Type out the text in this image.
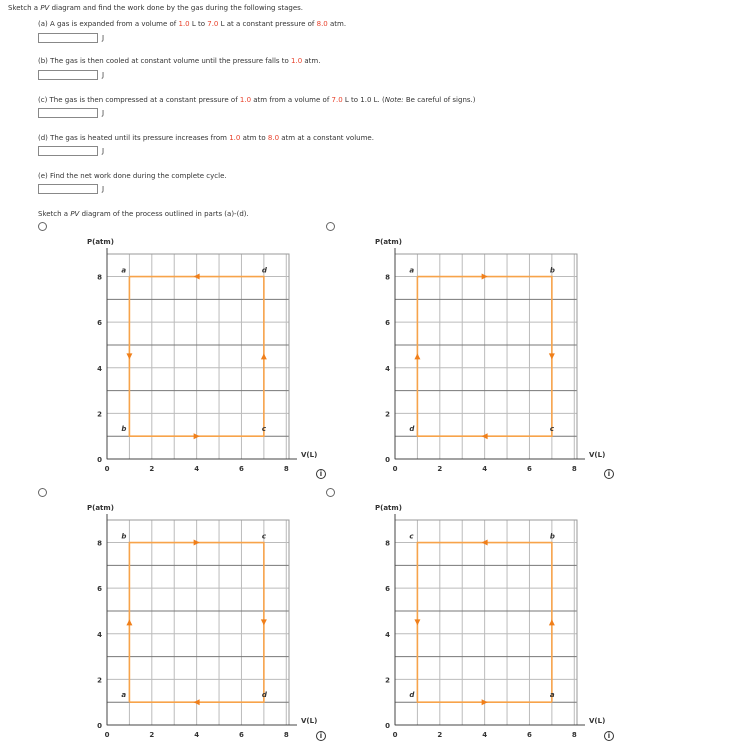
Sketch a PV diagram and find the work done by the gas during the following stages.
(a) A gas is expanded from a volume of 1.0 L to 7.0 L at a constant pressure of 8.0 atm.
J
(b) The gas is then cooled at constant volume until the pressure falls to 1.0 atm.
J
(c) The gas is then compressed at a constant pressure of 1.0 atm from a volume of 7.0 L to 1.0 L. (Note: Be careful of signs.)
J
(d) The gas is heated until its pressure increases from 1.0 atm to 8.0 atm at a constant volume.
J
(e) Find the net work done during the complete cycle.
J
Sketch a PV diagram of the process outlined in parts (a)-(d).
i	i
i	i
0	2	4	6	8
0
2
4
6
8
P(atm)
V(L)
a
b	c
d
0	2	4	6	8
0
2
4
6
8
P(atm)
V(L)
a	b
c
d
0	2	4	6	8
0
2
4
6
8
P(atm)
V(L)
b	c
a	d
0	2	4	6	8
0
2
4
6
8
P(atm)
V(L)
c	b
d	a
